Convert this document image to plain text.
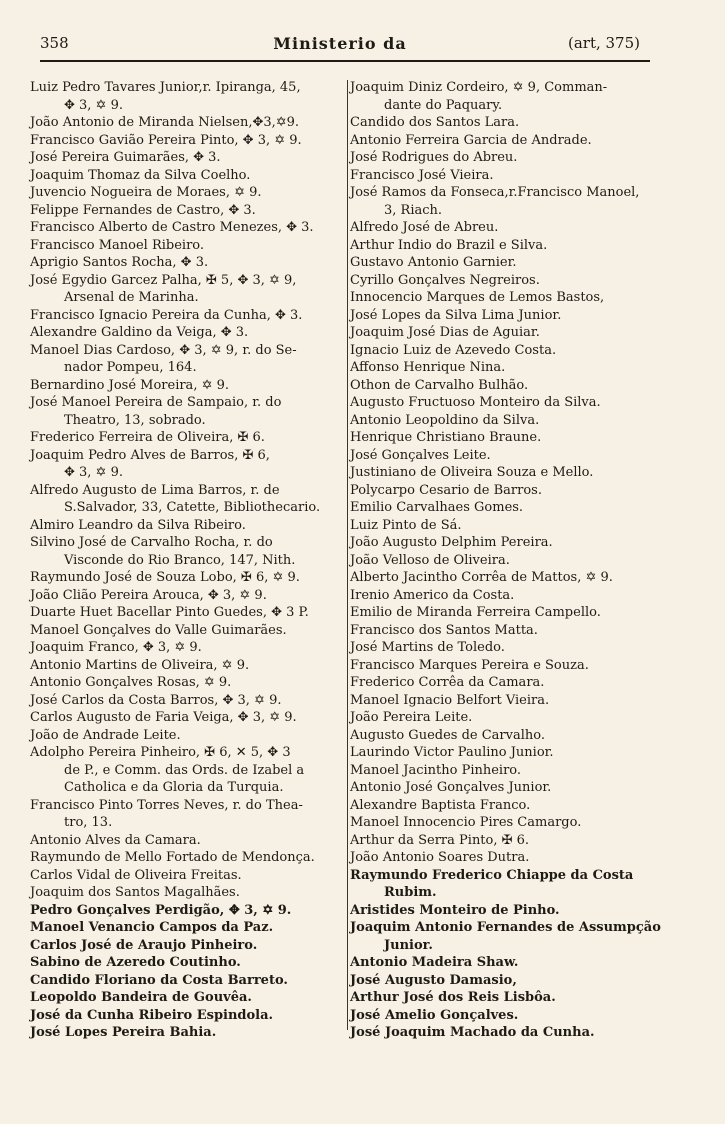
358	Ministerio da	(art, 375)
Luiz Pedro Tavares Junior,r. Ipiranga, 45,
✥ 3, ✡ 9.
João Antonio de Miranda Nielsen,✥3,✡9.
Francisco Gavião Pereira Pinto, ✥ 3, ✡ 9.
José Pereira Guimarães, ✥ 3.
Joaquim Thomaz da Silva Coelho.
Juvencio Nogueira de Moraes, ✡ 9.
Felippe Fernandes de Castro, ✥ 3.
Francisco Alberto de Castro Menezes, ✥ 3.
Francisco Manoel Ribeiro.
Aprigio Santos Rocha, ✥ 3.
José Egydio Garcez Palha, ✠ 5, ✥ 3, ✡ 9,
Arsenal de Marinha.
Francisco Ignacio Pereira da Cunha, ✥ 3.
Alexandre Galdino da Veiga, ✥ 3.
Manoel Dias Cardoso, ✥ 3, ✡ 9, r. do Se-
nador Pompeu, 164.
Bernardino José Moreira, ✡ 9.
José Manoel Pereira de Sampaio, r. do
Theatro, 13, sobrado.
Frederico Ferreira de Oliveira, ✠ 6.
Joaquim Pedro Alves de Barros, ✠ 6,
✥ 3, ✡ 9.
Alfredo Augusto de Lima Barros, r. de
S.Salvador, 33, Catette, Bibliothecario.
Almiro Leandro da Silva Ribeiro.
Silvino José de Carvalho Rocha, r. do
Visconde do Rio Branco, 147, Nith.
Raymundo José de Souza Lobo, ✠ 6, ✡ 9.
João Clião Pereira Arouca, ✥ 3, ✡ 9.
Duarte Huet Bacellar Pinto Guedes, ✥ 3 P.
Manoel Gonçalves do Valle Guimarães.
Joaquim Franco, ✥ 3, ✡ 9.
Antonio Martins de Oliveira, ✡ 9.
Antonio Gonçalves Rosas, ✡ 9.
José Carlos da Costa Barros, ✥ 3, ✡ 9.
Carlos Augusto de Faria Veiga, ✥ 3, ✡ 9.
João de Andrade Leite.
Adolpho Pereira Pinheiro, ✠ 6, ✕ 5, ✥ 3
de P., e Comm. das Ords. de Izabel a
Catholica e da Gloria da Turquia.
Francisco Pinto Torres Neves, r. do Thea-
tro, 13.
Antonio Alves da Camara.
Raymundo de Mello Fortado de Mendonça.
Carlos Vidal de Oliveira Freitas.
Joaquim dos Santos Magalhães.
Pedro Gonçalves Perdigão, ✥ 3, ✡ 9.
Manoel Venancio Campos da Paz.
Carlos José de Araujo Pinheiro.
Sabino de Azeredo Coutinho.
Candido Floriano da Costa Barreto.
Leopoldo Bandeira de Gouvêa.
José da Cunha Ribeiro Espindola.
José Lopes Pereira Bahia.
Joaquim Diniz Cordeiro, ✡ 9, Comman-
dante do Paquary.
Candido dos Santos Lara.
Antonio Ferreira Garcia de Andrade.
José Rodrigues do Abreu.
Francisco José Vieira.
José Ramos da Fonseca,r.Francisco Manoel,
3, Riach.
Alfredo José de Abreu.
Arthur Indio do Brazil e Silva.
Gustavo Antonio Garnier.
Cyrillo Gonçalves Negreiros.
Innocencio Marques de Lemos Bastos,
José Lopes da Silva Lima Junior.
Joaquim José Dias de Aguiar.
Ignacio Luiz de Azevedo Costa.
Affonso Henrique Nina.
Othon de Carvalho Bulhão.
Augusto Fructuoso Monteiro da Silva.
Antonio Leopoldino da Silva.
Henrique Christiano Braune.
José Gonçalves Leite.
Justiniano de Oliveira Souza e Mello.
Polycarpo Cesario de Barros.
Emilio Carvalhaes Gomes.
Luiz Pinto de Sá.
João Augusto Delphim Pereira.
João Velloso de Oliveira.
Alberto Jacintho Corrêa de Mattos, ✡ 9.
Irenio Americo da Costa.
Emilio de Miranda Ferreira Campello.
Francisco dos Santos Matta.
José Martins de Toledo.
Francisco Marques Pereira e Souza.
Frederico Corrêa da Camara.
Manoel Ignacio Belfort Vieira.
João Pereira Leite.
Augusto Guedes de Carvalho.
Laurindo Victor Paulino Junior.
Manoel Jacintho Pinheiro.
Antonio José Gonçalves Junior.
Alexandre Baptista Franco.
Manoel Innocencio Pires Camargo.
Arthur da Serra Pinto, ✠ 6.
João Antonio Soares Dutra.
Raymundo Frederico Chiappe da Costa
Rubim.
Aristides Monteiro de Pinho.
Joaquim Antonio Fernandes de Assumpção
Junior.
Antonio Madeira Shaw.
José Augusto Damasio,
Arthur José dos Reis Lisbôa.
José Amelio Gonçalves.
José Joaquim Machado da Cunha.
